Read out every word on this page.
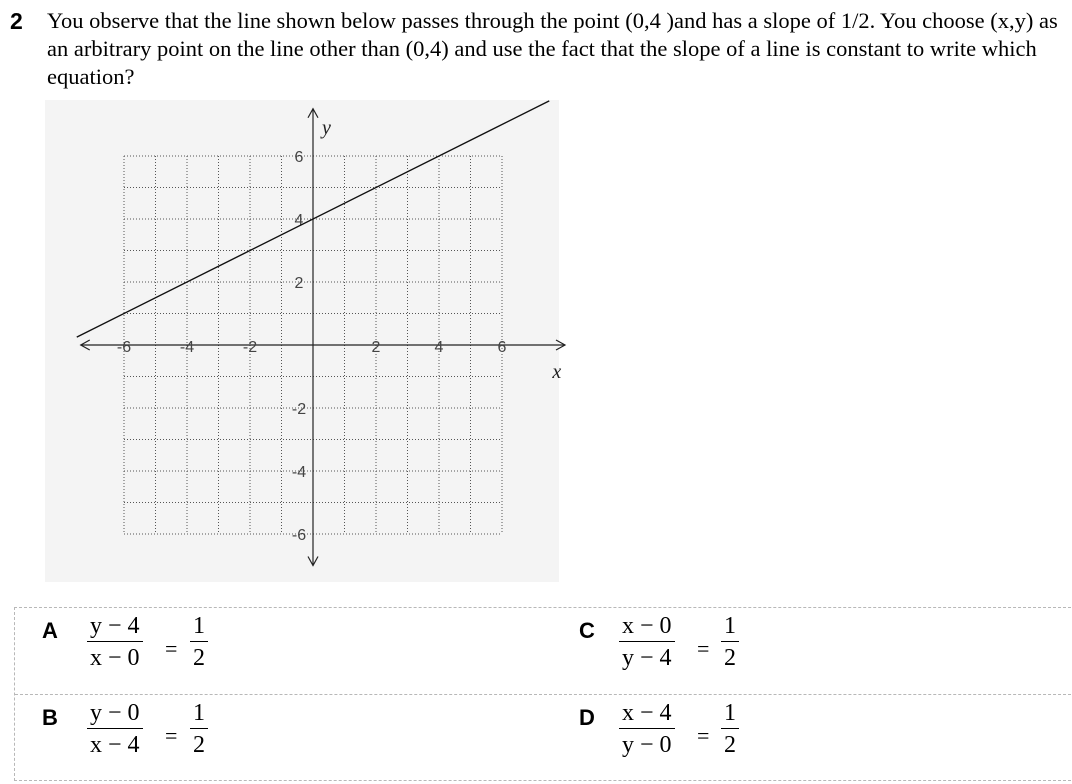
2 You observe that the line shown below passes through the point (0,4 )and has a slope of 1/2. You choose (x,y) as an arbitrary point on the line other than (0,4) and use the fact that the slope of a line is constant to write which equation?
x
y
-6	-4	-2	2	4	6
6
4
2
-2
-4
-6
A y − 4
x − 0 =
1
2
C x − 0
y − 4 =
1
2
B y − 0
x − 4 =
1
2
D x − 4
y − 0 =
1
2
